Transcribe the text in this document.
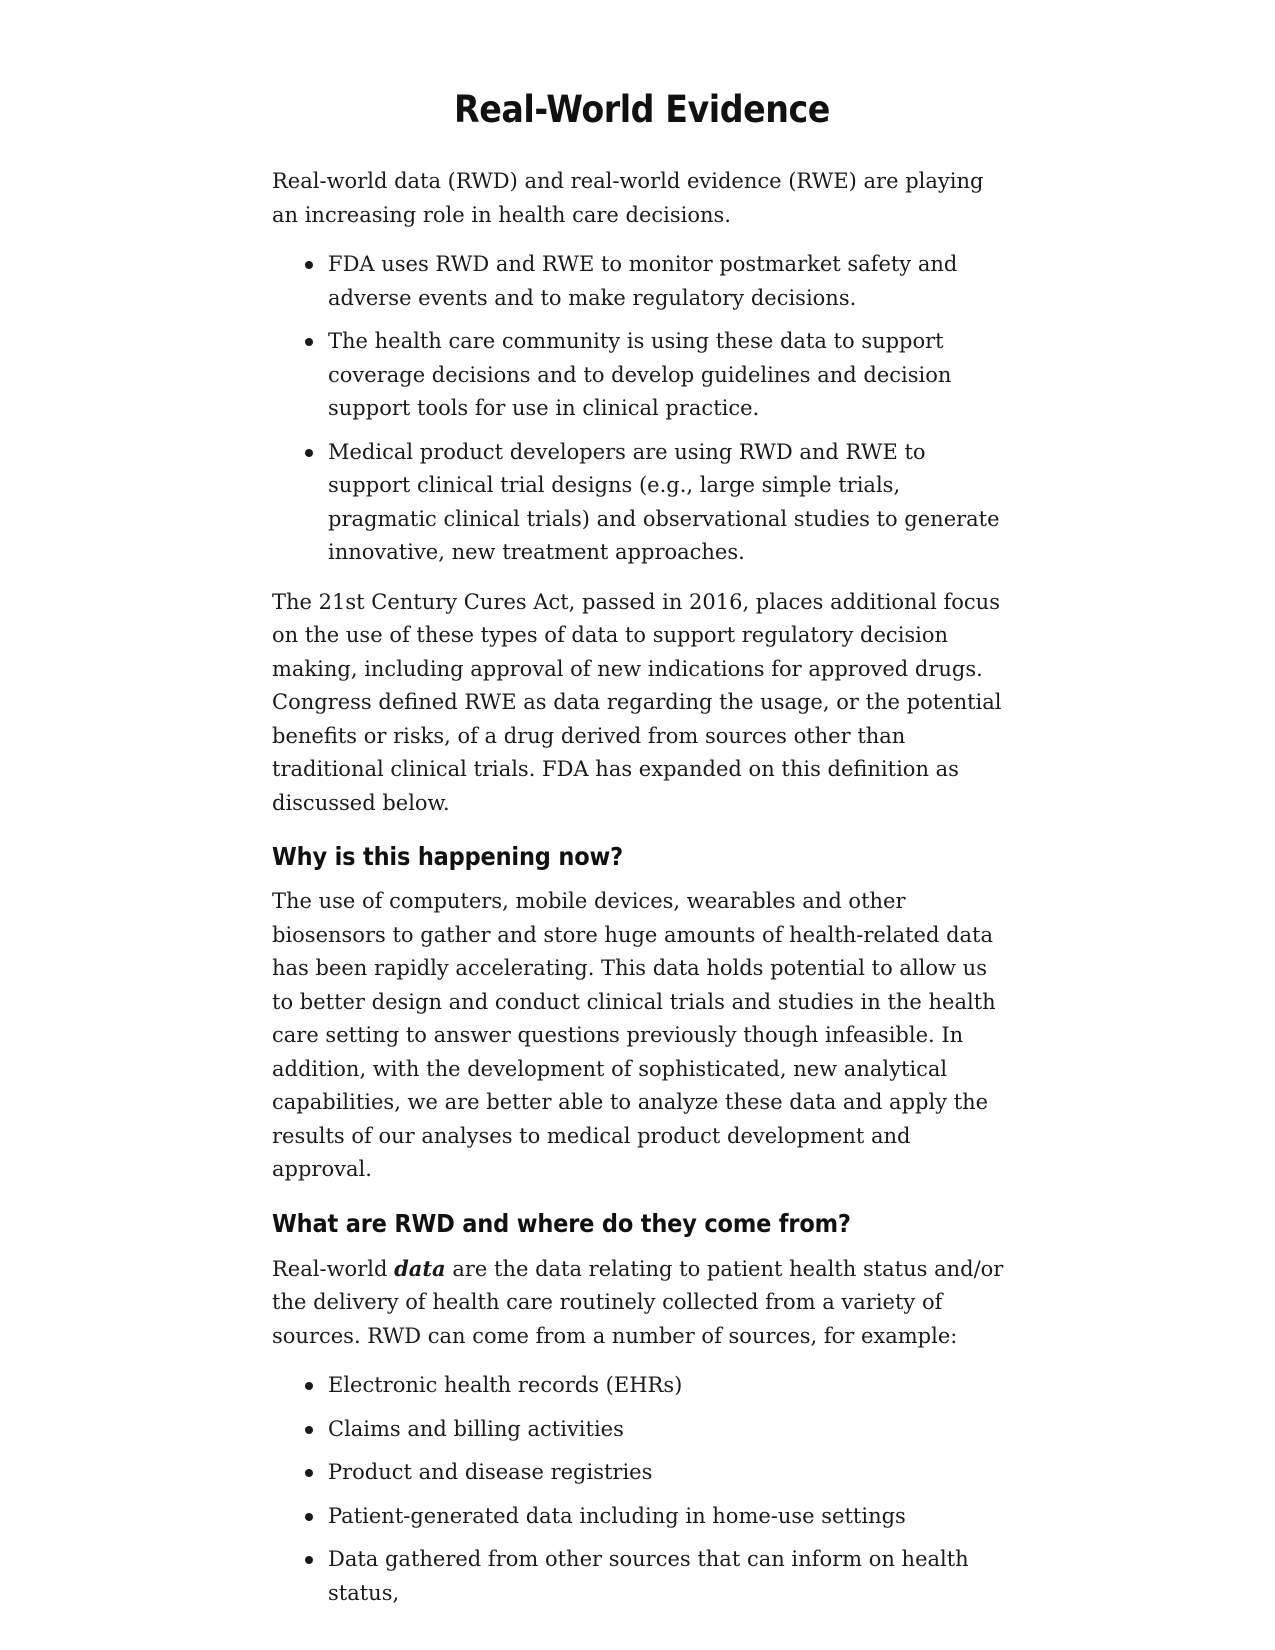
Real-World Evidence

Real-world data (RWD) and real-world evidence (RWE) are playing an increasing role in health care decisions.

FDA uses RWD and RWE to monitor postmarket safety and adverse events and to make regulatory decisions.
The health care community is using these data to support coverage decisions and to develop guidelines and decision support tools for use in clinical practice.
Medical product developers are using RWD and RWE to support clinical trial designs (e.g., large simple trials, pragmatic clinical trials) and observational studies to generate innovative, new treatment approaches.

The 21st Century Cures Act, passed in 2016, places additional focus on the use of these types of data to support regulatory decision making, including approval of new indications for approved drugs. Congress defined RWE as data regarding the usage, or the potential benefits or risks, of a drug derived from sources other than traditional clinical trials. FDA has expanded on this definition as discussed below.

Why is this happening now?

The use of computers, mobile devices, wearables and other biosensors to gather and store huge amounts of health-related data has been rapidly accelerating. This data holds potential to allow us to better design and conduct clinical trials and studies in the health care setting to answer questions previously though infeasible. In addition, with the development of sophisticated, new analytical capabilities, we are better able to analyze these data and apply the results of our analyses to medical product development and approval.

What are RWD and where do they come from?

Real-world data are the data relating to patient health status and/or the delivery of health care routinely collected from a variety of sources. RWD can come from a number of sources, for example:

Electronic health records (EHRs)
Claims and billing activities
Product and disease registries
Patient-generated data including in home-use settings
Data gathered from other sources that can inform on health status,
